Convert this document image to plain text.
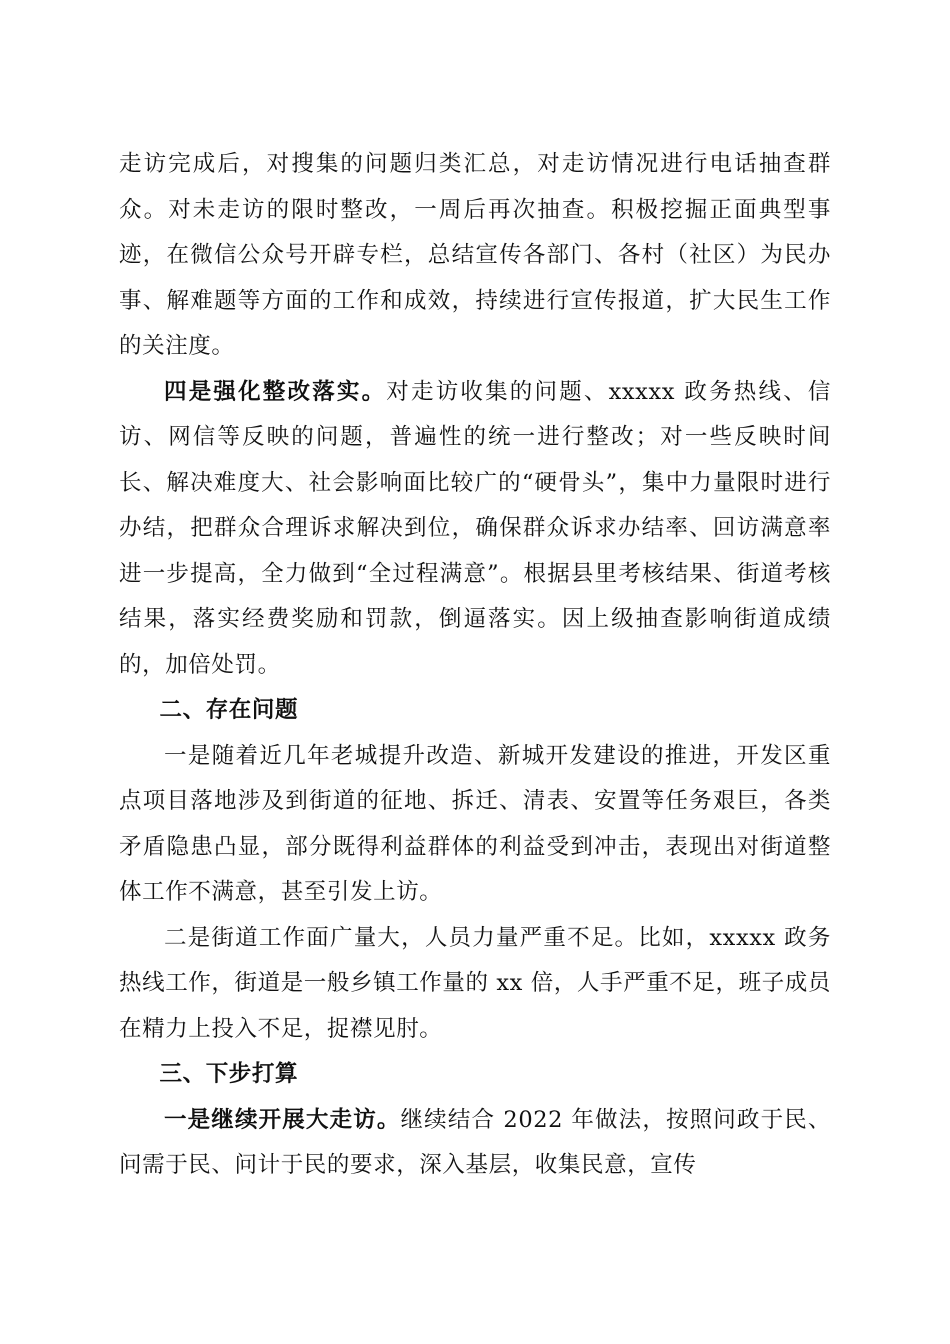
走访完成后，对搜集的问题归类汇总，对走访情况进行电话抽查群众。对未走访的限时整改，一周后再次抽查。积极挖掘正面典型事迹，在微信公众号开辟专栏，总结宣传各部门、各村（社区）为民办事、解难题等方面的工作和成效，持续进行宣传报道，扩大民生工作的关注度。

四是强化整改落实。对走访收集的问题、xxxxx 政务热线、信访、网信等反映的问题，普遍性的统一进行整改；对一些反映时间长、解决难度大、社会影响面比较广的“硬骨头”，集中力量限时进行办结，把群众合理诉求解决到位，确保群众诉求办结率、回访满意率进一步提高，全力做到“全过程满意”。根据县里考核结果、街道考核结果，落实经费奖励和罚款，倒逼落实。因上级抽查影响街道成绩的，加倍处罚。

二、存在问题

一是随着近几年老城提升改造、新城开发建设的推进，开发区重点项目落地涉及到街道的征地、拆迁、清表、安置等任务艰巨，各类矛盾隐患凸显，部分既得利益群体的利益受到冲击，表现出对街道整体工作不满意，甚至引发上访。

二是街道工作面广量大，人员力量严重不足。比如，xxxxx 政务热线工作，街道是一般乡镇工作量的 xx 倍，人手严重不足，班子成员在精力上投入不足，捉襟见肘。

三、下步打算

一是继续开展大走访。继续结合 2022 年做法，按照问政于民、问需于民、问计于民的要求，深入基层，收集民意，宣传
